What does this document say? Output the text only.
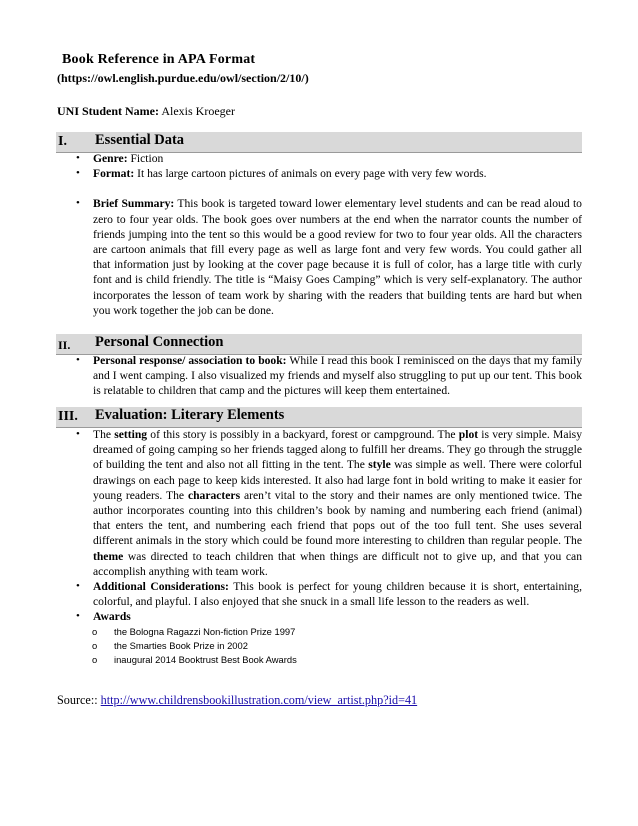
Book Reference in APA Format
(https://owl.english.purdue.edu/owl/section/2/10/)
UNI Student Name: Alexis Kroeger
I. Essential Data
• Genre: Fiction
• Format: It has large cartoon pictures of animals on every page with very few words.
• Brief Summary: This book is targeted toward lower elementary level students and can be read aloud to zero to four year olds. The book goes over numbers at the end when the narrator counts the number of friends jumping into the tent so this would be a good review for two to four year olds. All the characters are cartoon animals that fill every page as well as large font and very few words. You could gather all that information just by looking at the cover page because it is full of color, has a large title with curly font and is child friendly. The title is “Maisy Goes Camping” which is very self-explanatory. The author incorporates the lesson of team work by sharing with the readers that building tents are hard but when you work together the job can be done.
II. Personal Connection
• Personal response/ association to book: While I read this book I reminisced on the days that my family and I went camping. I also visualized my friends and myself also struggling to put up our tent. This book is relatable to children that camp and the pictures will keep them entertained.
III. Evaluation: Literary Elements
• The setting of this story is possibly in a backyard, forest or campground. The plot is very simple. Maisy dreamed of going camping so her friends tagged along to fulfill her dreams. They go through the struggle of building the tent and also not all fitting in the tent. The style was simple as well. There were colorful drawings on each page to keep kids interested. It also had large font in bold writing to make it easier for young readers. The characters aren’t vital to the story and their names are only mentioned twice. The author incorporates counting into this children’s book by naming and numbering each friend (animal) that enters the tent, and numbering each friend that pops out of the too full tent. She uses several different animals in the story which could be found more interesting to children than regular people. The theme was directed to teach children that when things are difficult not to give up, and that you can accomplish anything with team work.
• Additional Considerations: This book is perfect for young children because it is short, entertaining, colorful, and playful. I also enjoyed that she snuck in a small life lesson to the readers as well.
• Awards
o the Bologna Ragazzi Non-fiction Prize 1997
o the Smarties Book Prize in 2002
o inaugural 2014 Booktrust Best Book Awards
Source:: http://www.childrensbookillustration.com/view_artist.php?id=41
